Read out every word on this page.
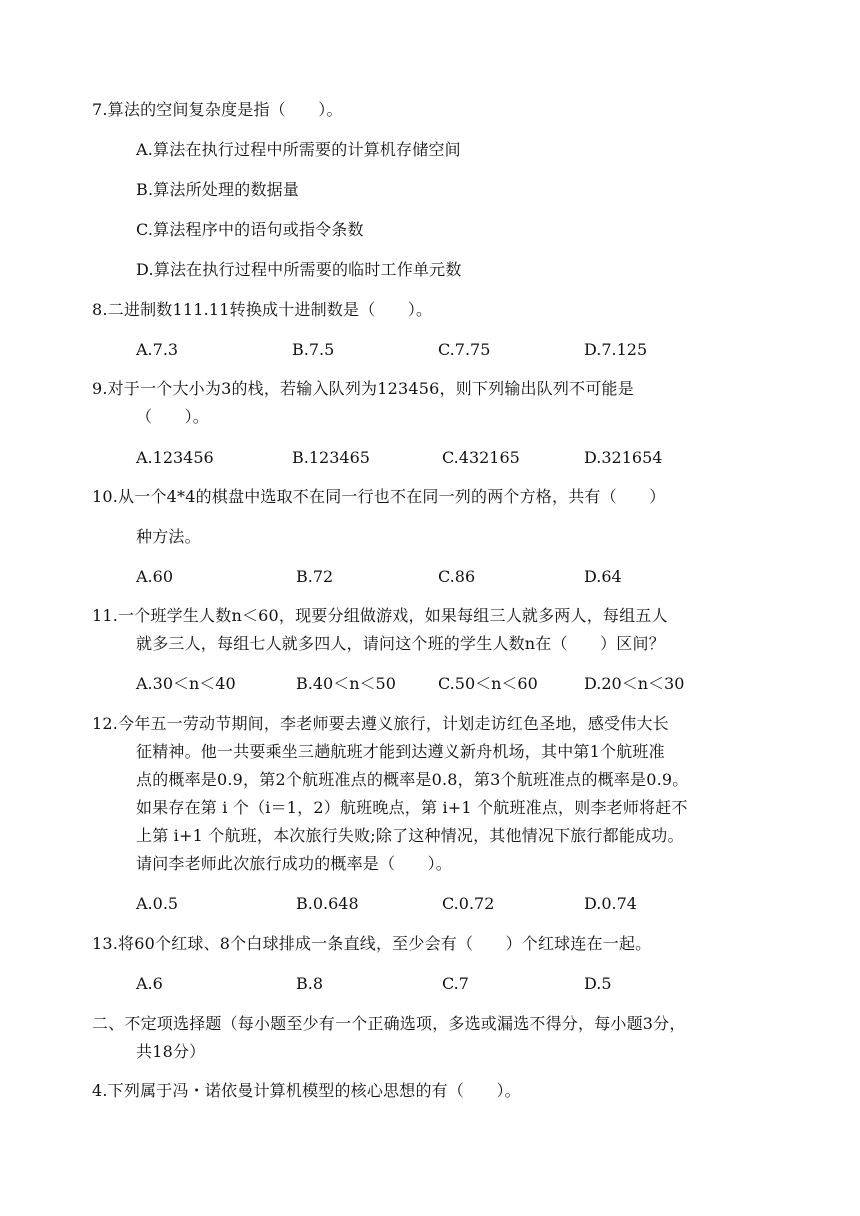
7.算法的空间复杂度是指（　　）。
A.算法在执行过程中所需要的计算机存储空间
B.算法所处理的数据量
C.算法程序中的语句或指令条数
D.算法在执行过程中所需要的临时工作单元数
8.二进制数111.11转换成十进制数是（　　）。
A.7.3	B.7.5	C.7.75	D.7.125
9.对于一个大小为3的栈，若输入队列为123456，则下列输出队列不可能是
（　　）。
A.123456	B.123465	C.432165	D.321654
10.从一个4*4的棋盘中选取不在同一行也不在同一列的两个方格，共有（　　）
种方法。
A.60	B.72	C.86	D.64
11.一个班学生人数n＜60，现要分组做游戏，如果每组三人就多两人，每组五人
就多三人，每组七人就多四人，请问这个班的学生人数n在（　　）区间？
A.30＜n＜40	B.40＜n＜50	C.50＜n＜60	D.20＜n＜30
12.今年五一劳动节期间，李老师要去遵义旅行，计划走访红色圣地，感受伟大长
征精神。他一共要乘坐三趟航班才能到达遵义新舟机场，其中第1个航班准
点的概率是0.9，第2个航班准点的概率是0.8，第3个航班准点的概率是0.9。
如果存在第 i 个（i＝1，2）航班晚点，第 i+1 个航班准点，则李老师将赶不
上第 i+1 个航班，本次旅行失败;除了这种情况，其他情况下旅行都能成功。
请问李老师此次旅行成功的概率是（　　）。
A.0.5	B.0.648	C.0.72	D.0.74
13.将60个红球、8个白球排成一条直线，至少会有（　　）个红球连在一起。
A.6	B.8	C.7	D.5
二、不定项选择题（每小题至少有一个正确选项，多选或漏选不得分，每小题3分，
共18分）
4.下列属于冯・诺依曼计算机模型的核心思想的有（　　）。
